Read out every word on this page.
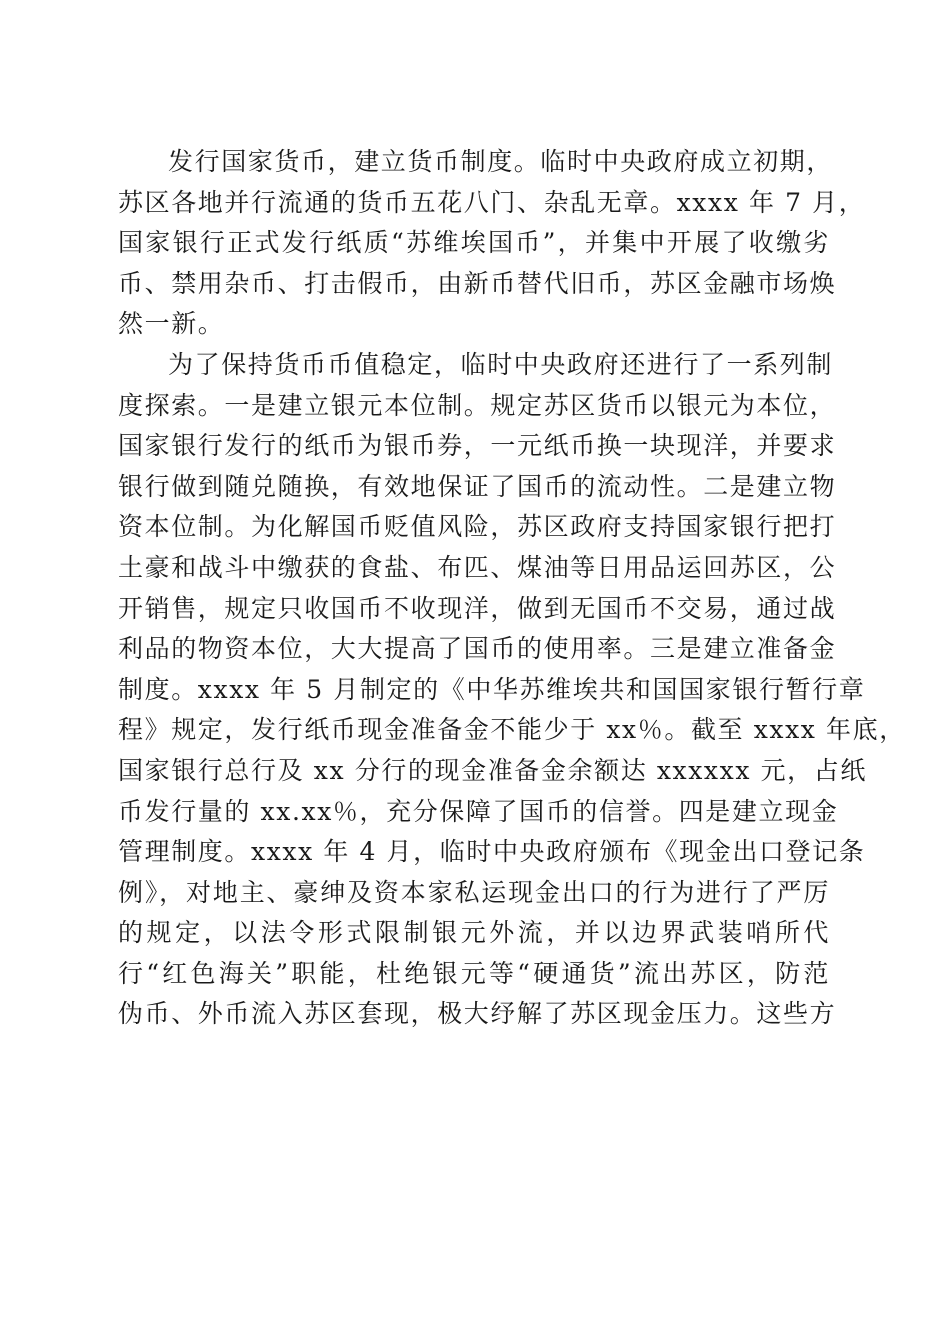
发行国家货币，建立货币制度。临时中央政府成立初期，
苏区各地并行流通的货币五花八门、杂乱无章。xxxx 年 7 月，
国家银行正式发行纸质“苏维埃国币”，并集中开展了收缴劣
币、禁用杂币、打击假币，由新币替代旧币，苏区金融市场焕
然一新。
为了保持货币币值稳定，临时中央政府还进行了一系列制
度探索。一是建立银元本位制。规定苏区货币以银元为本位，
国家银行发行的纸币为银币券，一元纸币换一块现洋，并要求
银行做到随兑随换，有效地保证了国币的流动性。二是建立物
资本位制。为化解国币贬值风险，苏区政府支持国家银行把打
土豪和战斗中缴获的食盐、布匹、煤油等日用品运回苏区，公
开销售，规定只收国币不收现洋，做到无国币不交易，通过战
利品的物资本位，大大提高了国币的使用率。三是建立准备金
制度。xxxx 年 5 月制定的《中华苏维埃共和国国家银行暂行章
程》规定，发行纸币现金准备金不能少于 xx％。截至 xxxx 年底，
国家银行总行及 xx 分行的现金准备金余额达 xxxxxx 元，占纸
币发行量的 xx.xx％，充分保障了国币的信誉。四是建立现金
管理制度。xxxx 年 4 月，临时中央政府颁布《现金出口登记条
例》，对地主、豪绅及资本家私运现金出口的行为进行了严厉
的规定，以法令形式限制银元外流，并以边界武装哨所代
行“红色海关”职能，杜绝银元等“硬通货”流出苏区，防范
伪币、外币流入苏区套现，极大纾解了苏区现金压力。这些方
